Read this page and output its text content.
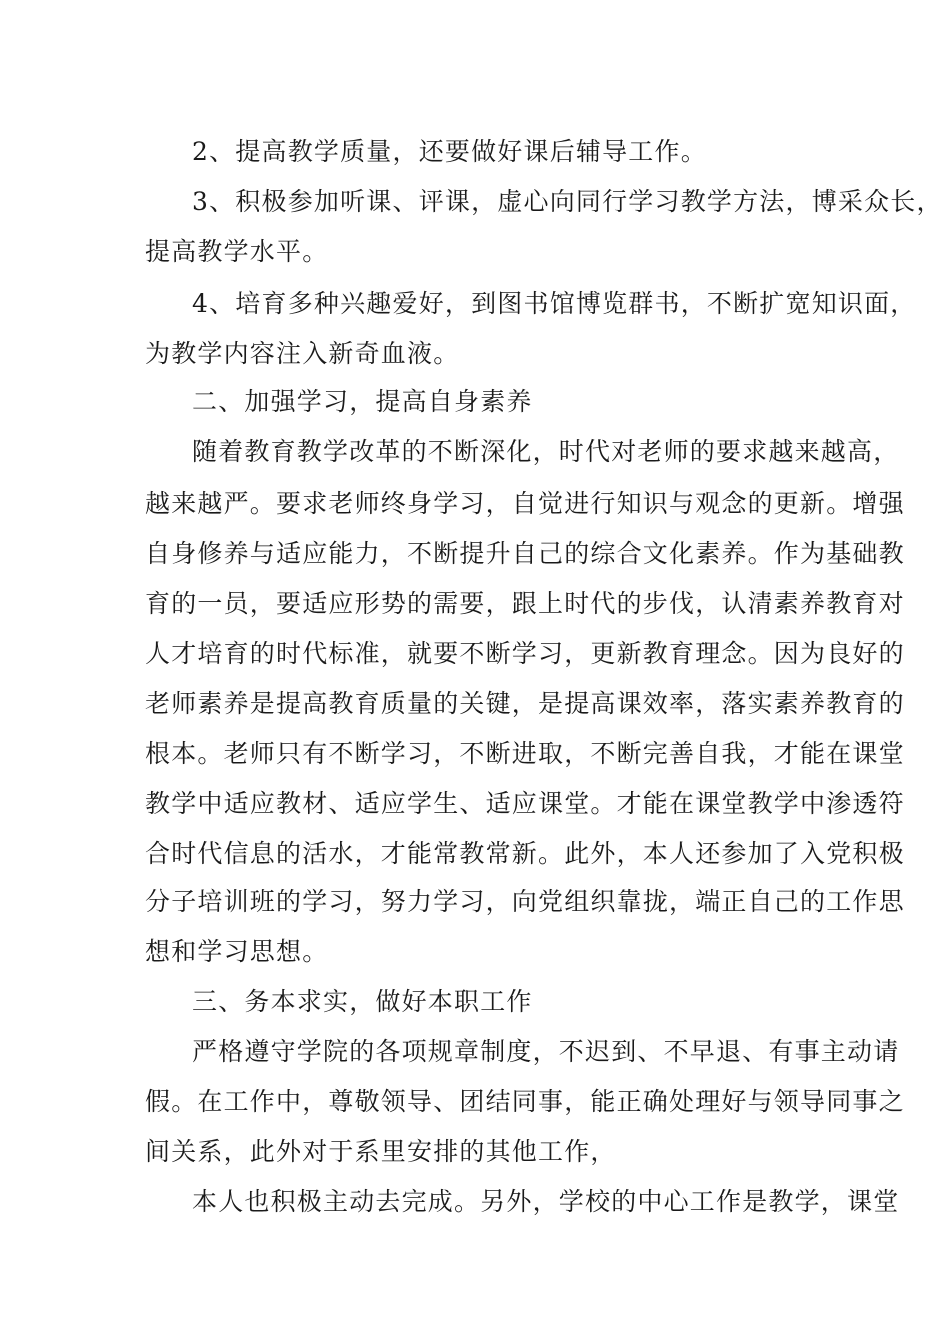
2、提高教学质量，还要做好课后辅导工作。
3、积极参加听课、评课，虚心向同行学习教学方法，博采众长，
提高教学水平。
4、培育多种兴趣爱好，到图书馆博览群书，不断扩宽知识面，
为教学内容注入新奇血液。
二、加强学习，提高自身素养
随着教育教学改革的不断深化，时代对老师的要求越来越高，
越来越严。要求老师终身学习，自觉进行知识与观念的更新。增强
自身修养与适应能力，不断提升自己的综合文化素养。作为基础教
育的一员，要适应形势的需要，跟上时代的步伐，认清素养教育对
人才培育的时代标准，就要不断学习，更新教育理念。因为良好的
老师素养是提高教育质量的关键，是提高课效率，落实素养教育的
根本。老师只有不断学习，不断进取，不断完善自我，才能在课堂
教学中适应教材、适应学生、适应课堂。才能在课堂教学中渗透符
合时代信息的活水，才能常教常新。此外，本人还参加了入党积极
分子培训班的学习，努力学习，向党组织靠拢，端正自己的工作思
想和学习思想。
三、务本求实，做好本职工作
严格遵守学院的各项规章制度，不迟到、不早退、有事主动请
假。在工作中，尊敬领导、团结同事，能正确处理好与领导同事之
间关系，此外对于系里安排的其他工作，
本人也积极主动去完成。另外，学校的中心工作是教学，课堂
